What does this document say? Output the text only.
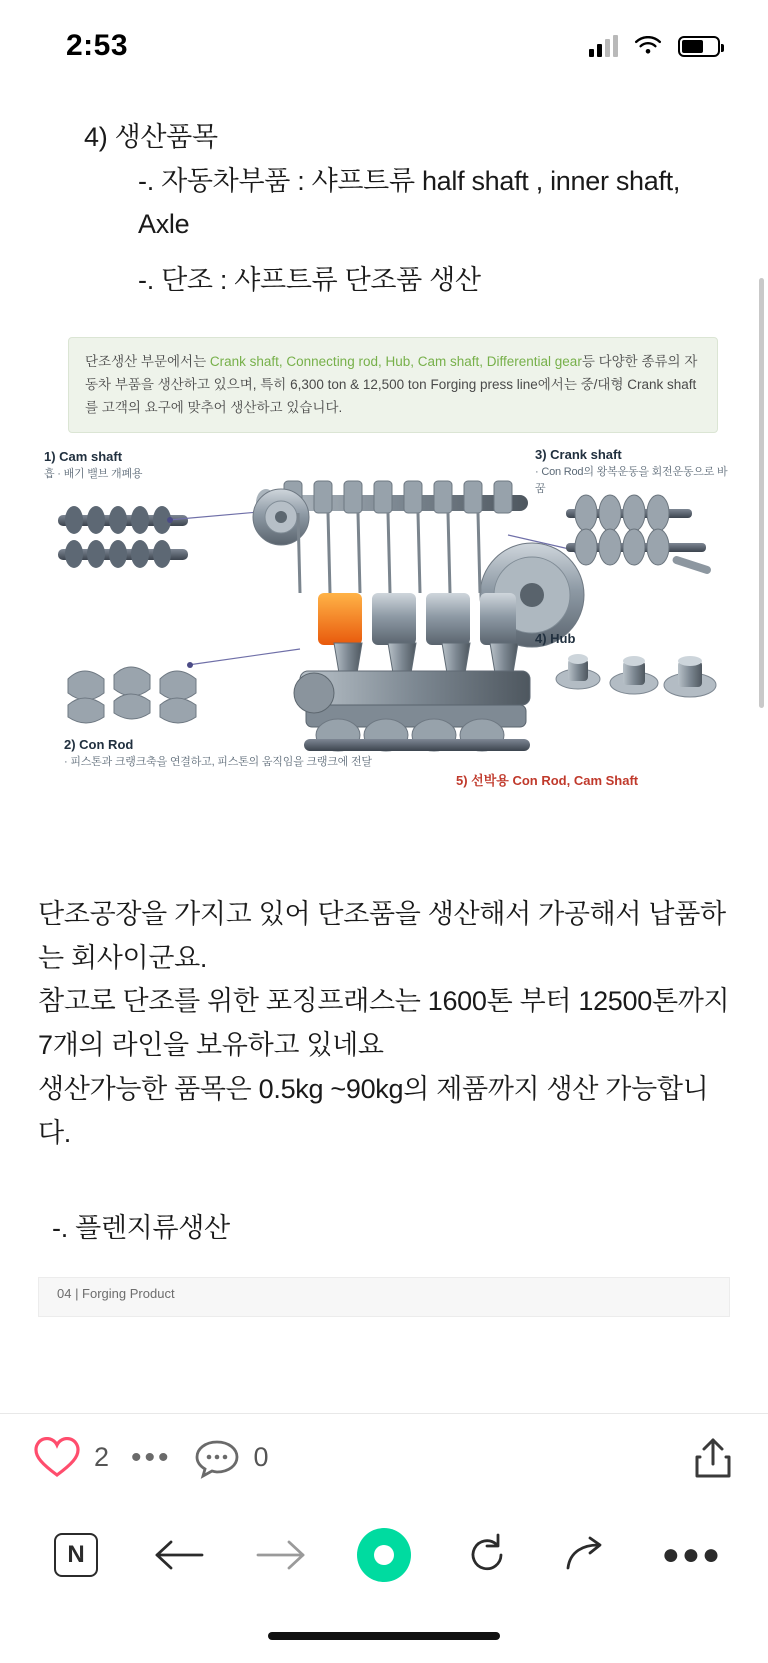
2:53
4) 생산품목
-. 자동차부품 : 샤프트류 half shaft , inner shaft, Axle
-. 단조 : 샤프트류 단조품 생산
단조생산 부문에서는 Crank shaft, Connecting rod, Hub, Cam shaft, Differential gear등 다양한 종류의 자동차 부품을 생산하고 있으며, 특히 6,300 ton & 12,500 ton Forging press line에서는 중/대형 Crank shaft를 고객의 요구에 맞추어 생산하고 있습니다.
1) Cam shaft
흡 · 배기 밸브 개폐용
3) Crank shaft
· Con Rod의 왕복운동을 회전운동으로 바꿈
4) Hub
2) Con Rod
· 피스톤과 크랭크축을 연결하고, 피스톤의 움직임을 크랭크에 전달
5) 선박용 Con Rod, Cam Shaft
단조공장을 가지고 있어 단조품을 생산해서 가공해서 납품하는 회사이군요.
참고로 단조를 위한 포징프래스는 1600톤 부터 12500톤까지 7개의 라인을 보유하고 있네요
생산가능한 품목은 0.5kg ~90kg의 제품까지 생산 가능합니다.
-. 플렌지류생산
04 | Forging Product
2 •••	0
N	●●●
